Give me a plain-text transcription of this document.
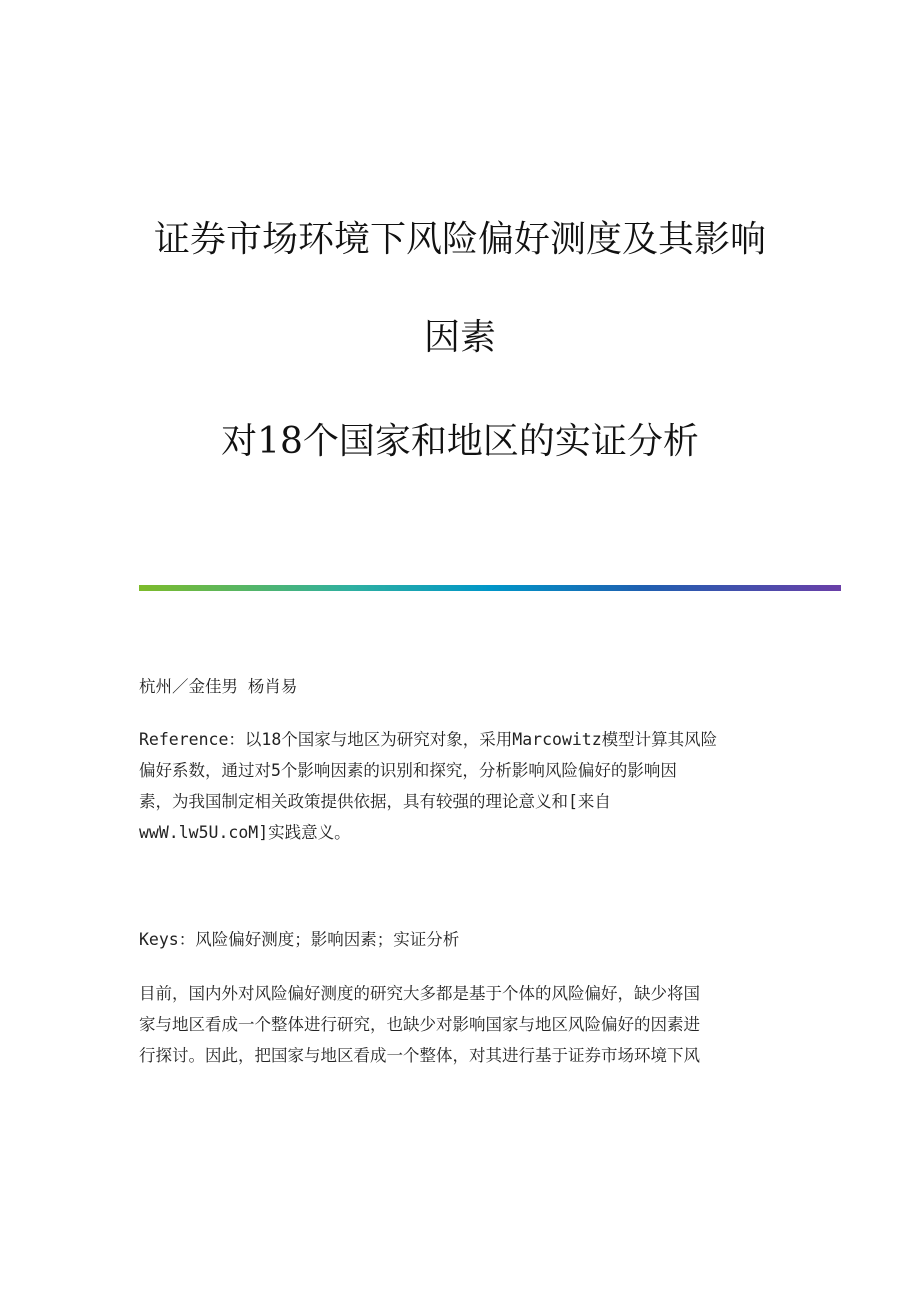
证券市场环境下风险偏好测度及其影响
因素
对18个国家和地区的实证分析

杭州／金佳男 杨肖易

Reference：以18个国家与地区为研究对象，采用Marcowitz模型计算其风险

偏好系数，通过对5个影响因素的识别和探究，分析影响风险偏好的影响因

素，为我国制定相关政策提供依据，具有较强的理论意义和[来自

wwW.lw5U.coM]实践意义。

Keys：风险偏好测度；影响因素；实证分析

目前，国内外对风险偏好测度的研究大多都是基于个体的风险偏好，缺少将国

家与地区看成一个整体进行研究，也缺少对影响国家与地区风险偏好的因素进

行探讨。因此，把国家与地区看成一个整体，对其进行基于证券市场环境下风
